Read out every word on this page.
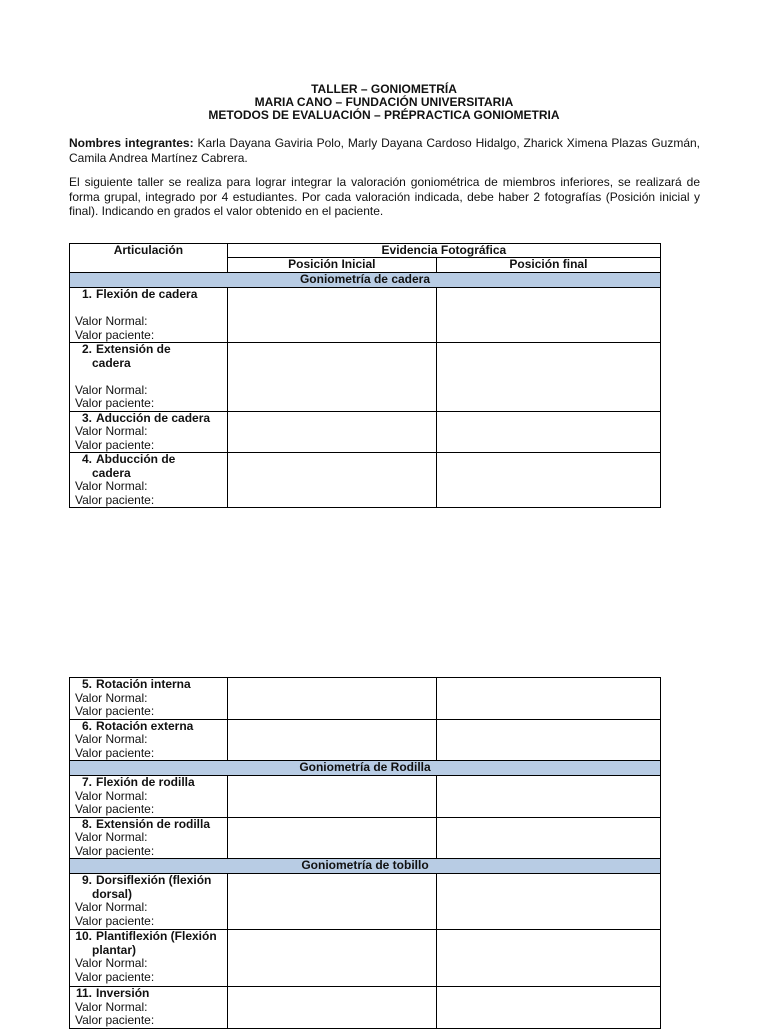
TALLER – GONIOMETRÍA
MARIA CANO – FUNDACIÓN UNIVERSITARIA
METODOS DE EVALUACIÓN – PRÉPRACTICA GONIOMETRIA
Nombres integrantes: Karla Dayana Gaviria Polo, Marly Dayana Cardoso Hidalgo, Zharick Ximena Plazas Guzmán, Camila Andrea Martínez Cabrera.
El siguiente taller se realiza para lograr integrar la valoración goniométrica de miembros inferiores, se realizará de forma grupal, integrado por 4 estudiantes. Por cada valoración indicada, debe haber 2 fotografías (Posición inicial y final). Indicando en grados el valor obtenido en el paciente.
Articulación	Evidencia Fotográfica	
	Posición Inicial	Posición final
Goniometría de cadera		

1. Flexión de cadera
Valor Normal:
Valor paciente:		

2. Extensión de cadera
Valor Normal:
Valor paciente:		

3. Aducción de cadera
Valor Normal:
Valor paciente:		

4. Abducción de cadera
Valor Normal:
Valor paciente:		

5. Rotación interna
Valor Normal:
Valor paciente:		

6. Rotación externa
Valor Normal:
Valor paciente:		

Goniometría de Rodilla		

7. Flexión de rodilla
Valor Normal:
Valor paciente:		

8. Extensión de rodilla
Valor Normal:
Valor paciente:		

Goniometría de tobillo		

9. Dorsiflexión (flexión dorsal)
Valor Normal:
Valor paciente:		

10. Plantiflexión (Flexión plantar)
Valor Normal:
Valor paciente:		

11. Inversión
Valor Normal:
Valor paciente:		
